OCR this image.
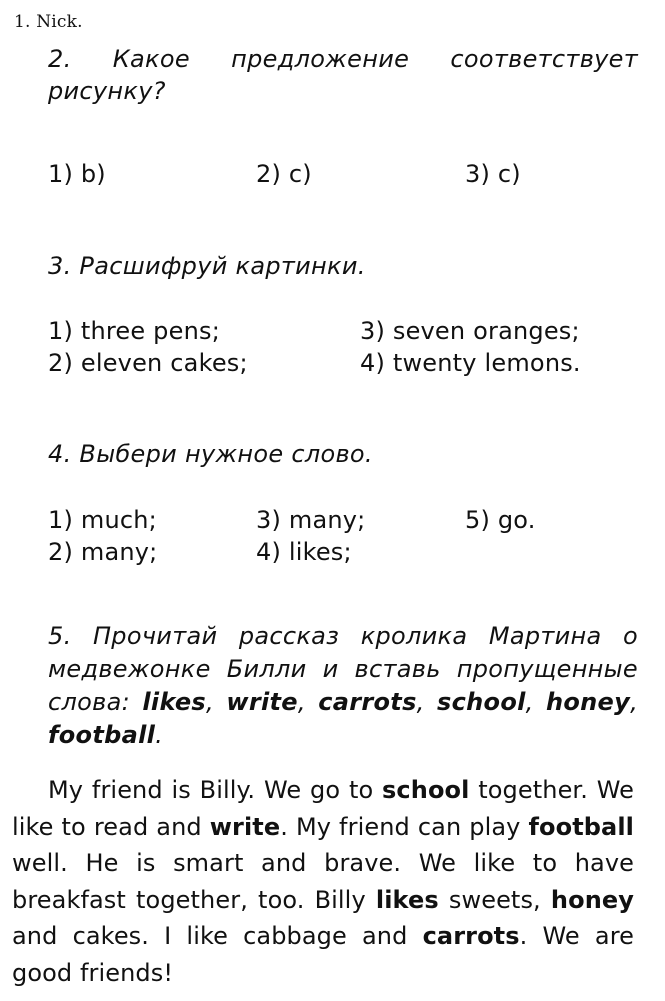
1. Nick.
2. Какое предложение соответствует рисунку?
1) b)	2) c)	3) c)
3. Расшифруй картинки.
1) three pens;	3) seven oranges;
2) eleven cakes;	4) twenty lemons.
4. Выбери нужное слово.
1) much;	3) many;	5) go.
2) many;	4) likes;
5. Прочитай рассказ кролика Мартина о медвежонке Билли и вставь пропущенные слова: likes, write, carrots, school, honey, football.
My friend is Billy. We go to school together. We like to read and write. My friend can play football well. He is smart and brave. We like to have breakfast together, too. Billy likes sweets, honey and cakes. I like cabbage and carrots. We are good friends!
